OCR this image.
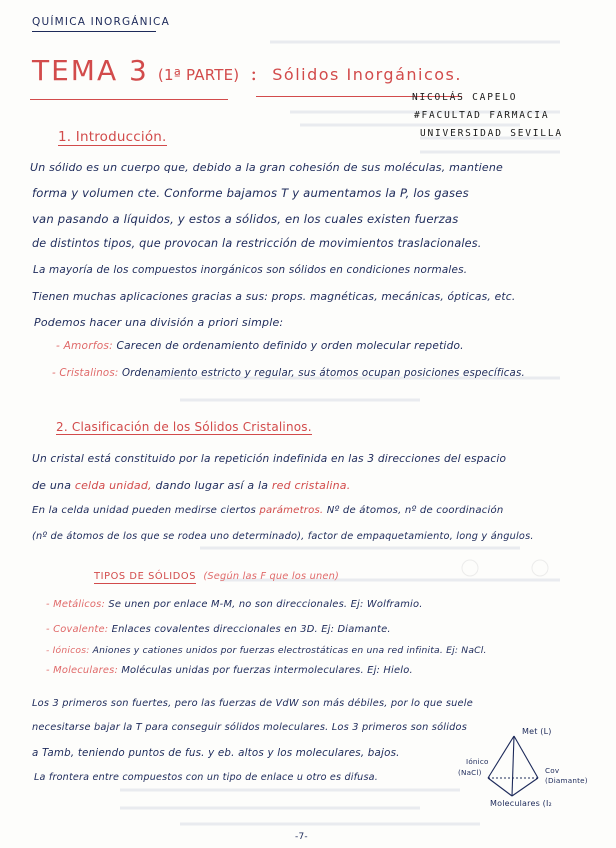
QUÍMICA INORGÁNICA
TEMA 3 (1ª PARTE) : Sólidos Inorgánicos.
NICOLÁS CAPELO
#FACULTAD FARMACIA
UNIVERSIDAD SEVILLA
1. Introducción.
Un sólido es un cuerpo que, debido a la gran cohesión de sus moléculas, mantiene
forma y volumen cte. Conforme bajamos T y aumentamos la P, los gases
van pasando a líquidos, y estos a sólidos, en los cuales existen fuerzas
de distintos tipos, que provocan la restricción de movimientos traslacionales.
La mayoría de los compuestos inorgánicos son sólidos en condiciones normales.
Tienen muchas aplicaciones gracias a sus: props. magnéticas, mecánicas, ópticas, etc.
Podemos hacer una división a priori simple:
- Amorfos: Carecen de ordenamiento definido y orden molecular repetido.
- Cristalinos: Ordenamiento estricto y regular, sus átomos ocupan posiciones específicas.
2. Clasificación de los Sólidos Cristalinos.
Un cristal está constituido por la repetición indefinida en las 3 direcciones del espacio
de una celda unidad, dando lugar así a la red cristalina.
En la celda unidad pueden medirse ciertos parámetros. Nº de átomos, nº de coordinación
(nº de átomos de los que se rodea uno determinado), factor de empaquetamiento, long y ángulos.
TIPOS DE SÓLIDOS (Según las F que los unen)
- Metálicos: Se unen por enlace M-M, no son direccionales. Ej: Wolframio.
- Covalente: Enlaces covalentes direccionales en 3D. Ej: Diamante.
- Iónicos: Aniones y cationes unidos por fuerzas electrostáticas en una red infinita. Ej: NaCl.
- Moleculares: Moléculas unidas por fuerzas intermoleculares. Ej: Hielo.
Los 3 primeros son fuertes, pero las fuerzas de VdW son más débiles, por lo que suele
necesitarse bajar la T para conseguir sólidos moleculares. Los 3 primeros son sólidos
a Tamb, teniendo puntos de fus. y eb. altos y los moleculares, bajos.
La frontera entre compuestos con un tipo de enlace u otro es difusa.
Met (L)
Iónico
(NaCl)	Cov
(Diamante)
Moleculares (I₂
-7-
